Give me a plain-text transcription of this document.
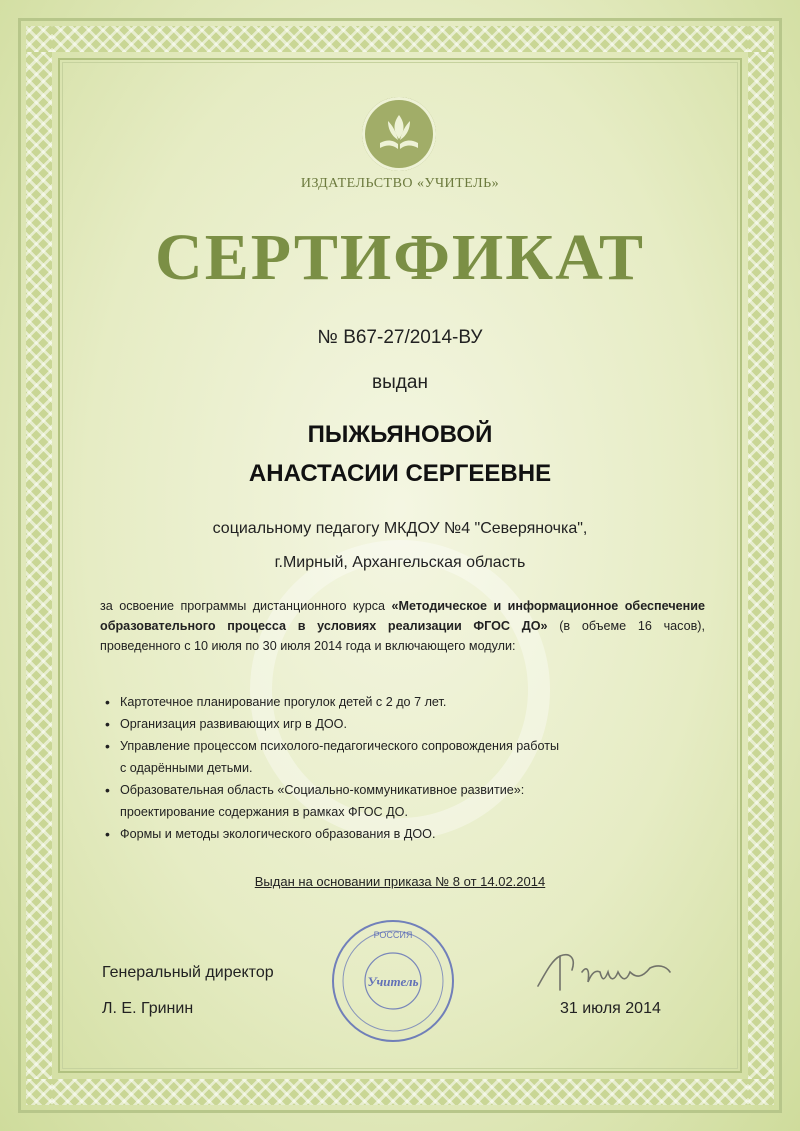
ИЗДАТЕЛЬСТВО «УЧИТЕЛЬ»
СЕРТИФИКАТ
№ В67-27/2014-ВУ
выдан
ПЫЖЬЯНОВОЙ
АНАСТАСИИ СЕРГЕЕВНЕ
социальному педагогу МКДОУ №4 "Северяночка",
г.Мирный, Архангельская область
за освоение программы дистанционного курса «Методическое и информационное обеспечение образовательного процесса в условиях реализации ФГОС ДО» (в объеме 16 часов), проведенного с 10 июля по 30 июля 2014 года и включающего модули:
• Картотечное планирование прогулок детей с 2 до 7 лет.
• Организация развивающих игр в ДОО.
• Управление процессом психолого-педагогического сопровождения работы
с одарёнными детьми.
• Образовательная область «Социально-коммуникативное развитие»:
проектирование содержания в рамках ФГОС ДО.
• Формы и методы экологического образования в ДОО.
Выдан на основании приказа № 8 от 14.02.2014
РОССИЯ
Учитель
Генеральный директор
Л. Е. Гринин	31 июля 2014
